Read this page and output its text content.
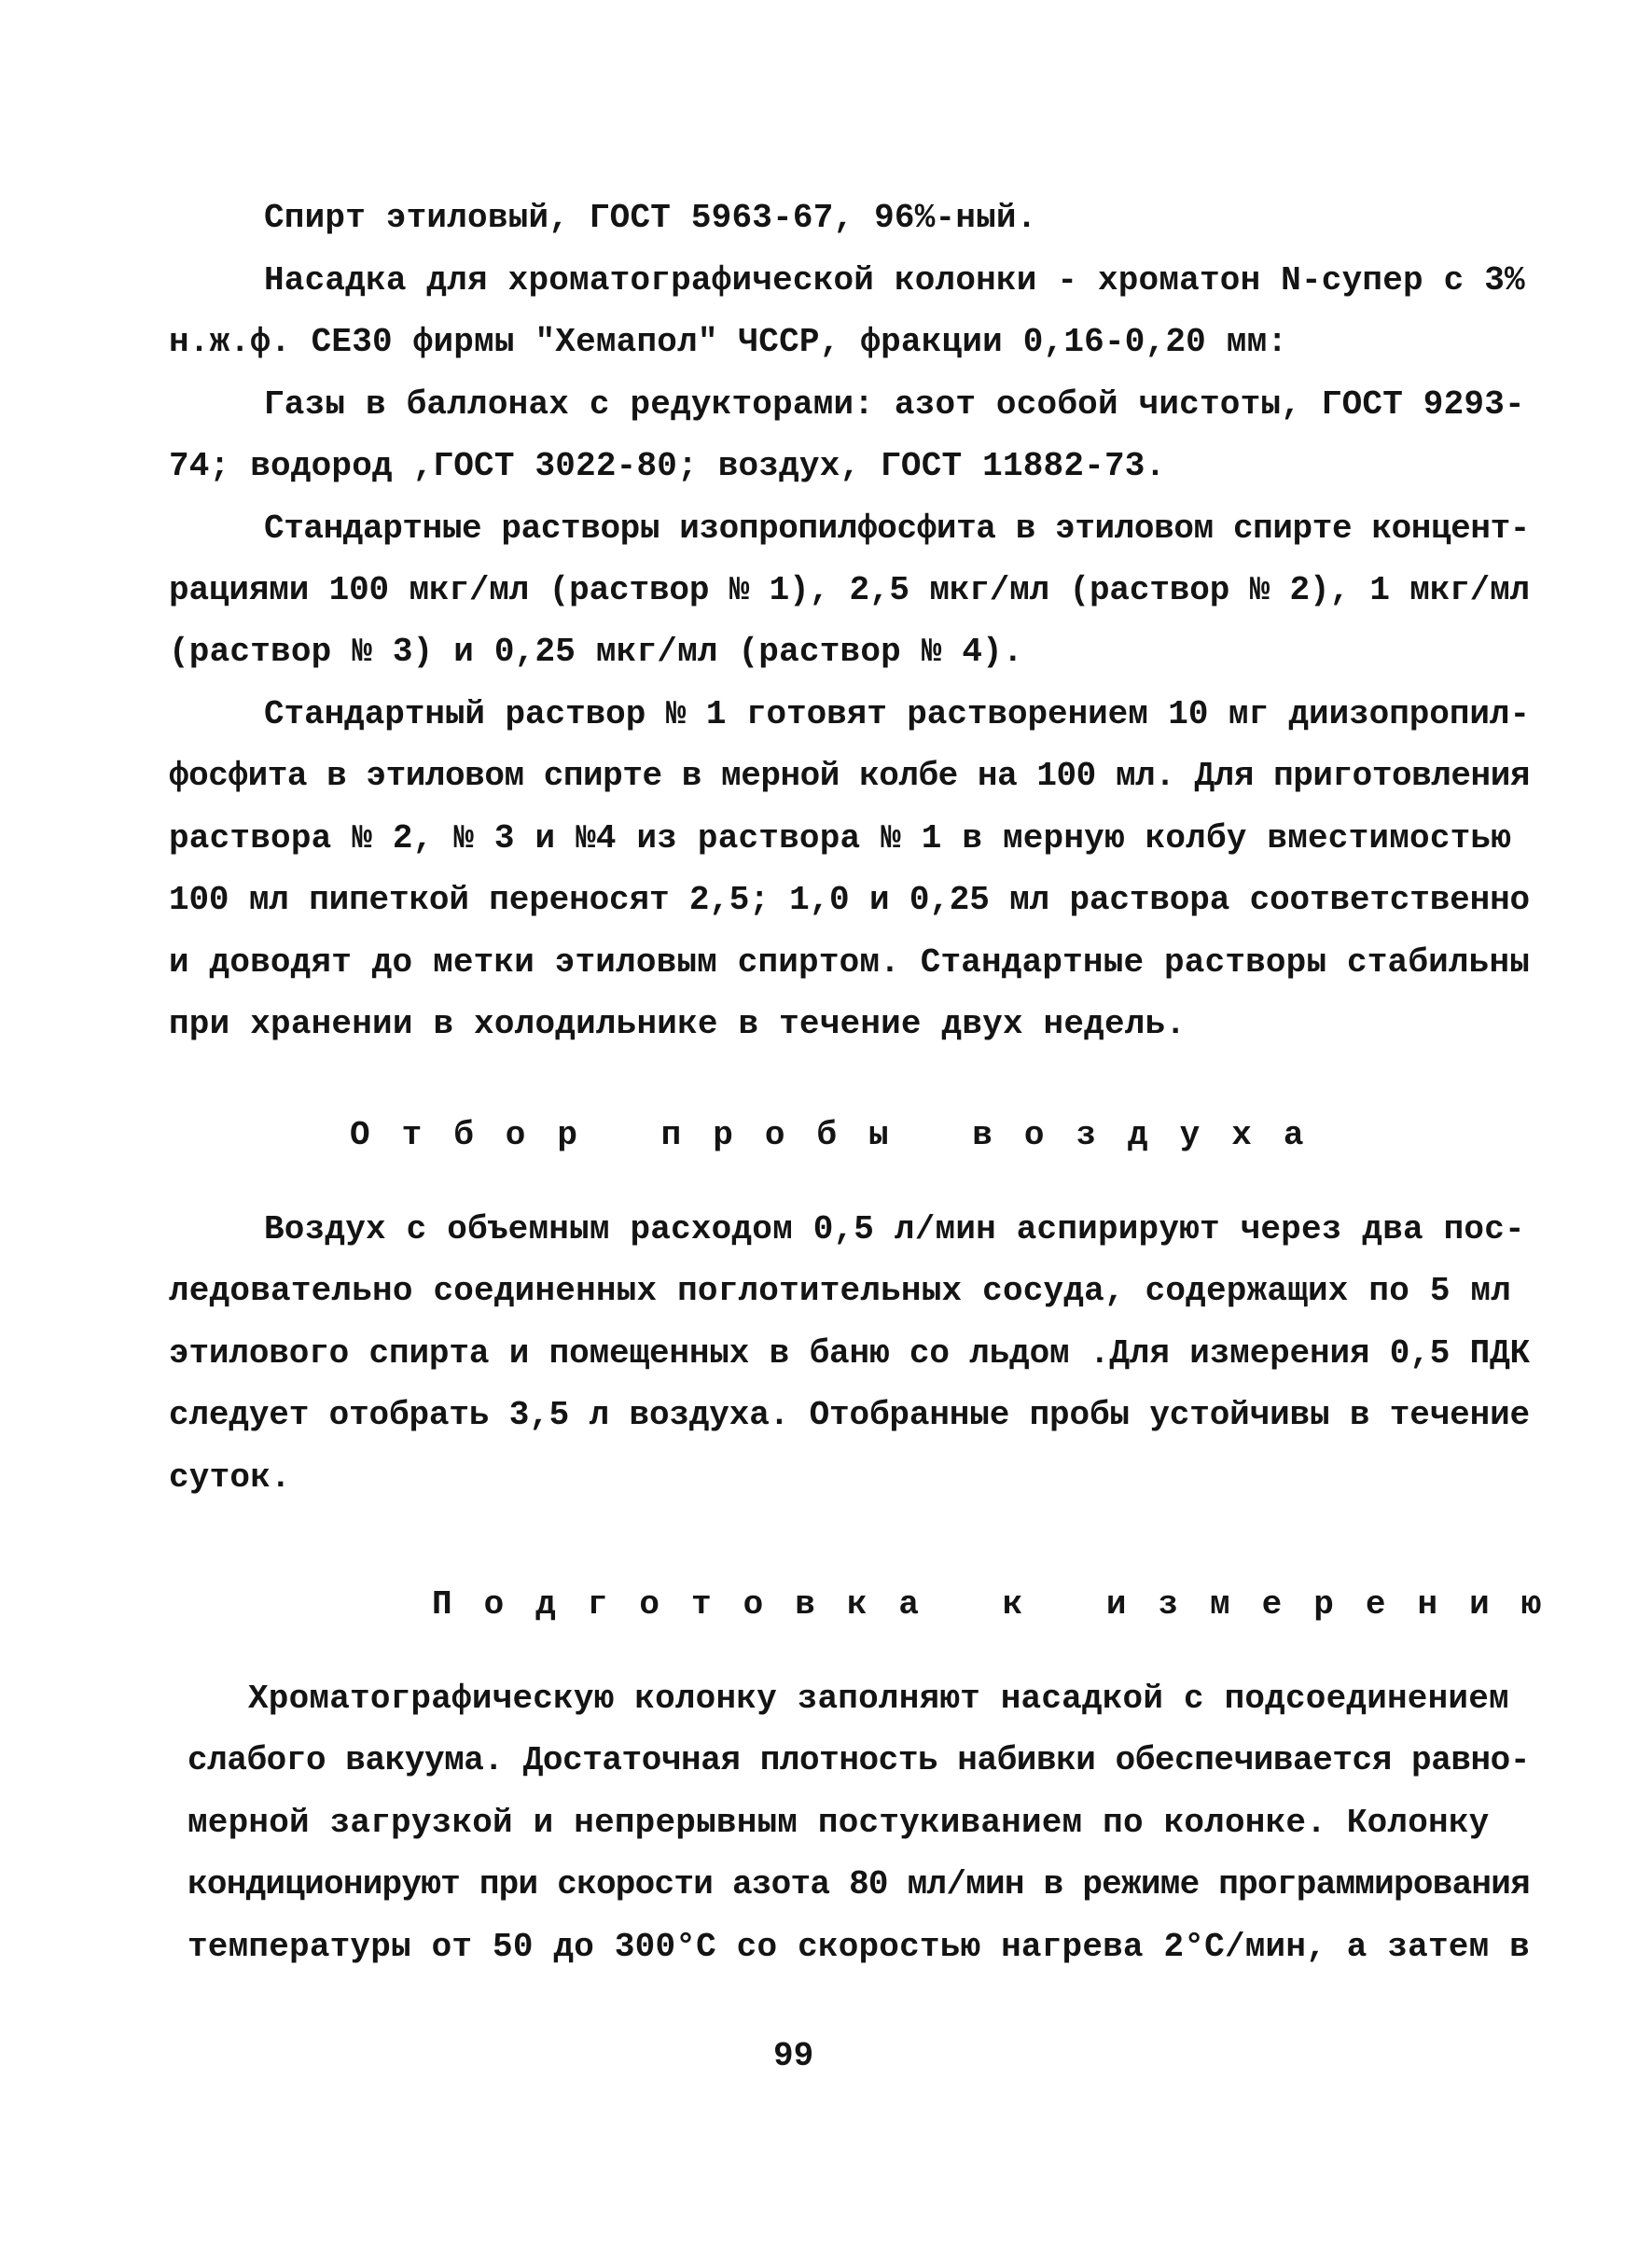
Спирт этиловый, ГОСТ 5963-67, 96%-ный.
Насадка для хроматографической колонки - хроматон N-супер с 3%
н.ж.ф. СЕ30 фирмы "Хемапол" ЧССР, фракции 0,16-0,20 мм:
Газы в баллонах с редукторами: азот особой чистоты, ГОСТ 9293-
74; водород ,ГОСТ 3022-80; воздух, ГОСТ 11882-73.
Стандартные растворы изопропилфосфита в этиловом спирте концент-
рациями 100 мкг/мл (раствор № 1), 2,5 мкг/мл (раствор № 2), 1 мкг/мл
(раствор № 3) и 0,25 мкг/мл (раствор № 4).
Стандартный раствор № 1 готовят растворением 10 мг диизопропил-
фосфита в этиловом спирте в мерной колбе на 100 мл. Для приготовления
раствора № 2, № 3 и №4 из раствора № 1 в мерную колбу вместимостью
100 мл пипеткой переносят 2,5; 1,0 и 0,25 мл раствора соответственно
и доводят до метки этиловым спиртом. Стандартные растворы стабильны
при хранении в холодильнике в течение двух недель.
Отбор пробы воздуха
Воздух с объемным расходом 0,5 л/мин аспирируют через два пос-
ледовательно соединенных поглотительных сосуда, содержащих по 5 мл
этилового спирта и помещенных в баню со льдом .Для измерения 0,5 ПДК
следует отобрать 3,5 л воздуха. Отобранные пробы устойчивы в течение
суток.
Подготовка к измерению
Хроматографическую колонку заполняют насадкой с подсоединением
слабого вакуума. Достаточная плотность набивки обеспечивается равно-
мерной загрузкой и непрерывным постукиванием по колонке. Колонку
кондиционируют при скорости азота 80 мл/мин в режиме программирования
температуры от 50 до 300°С со скоростью нагрева 2°С/мин, а затем в
99
